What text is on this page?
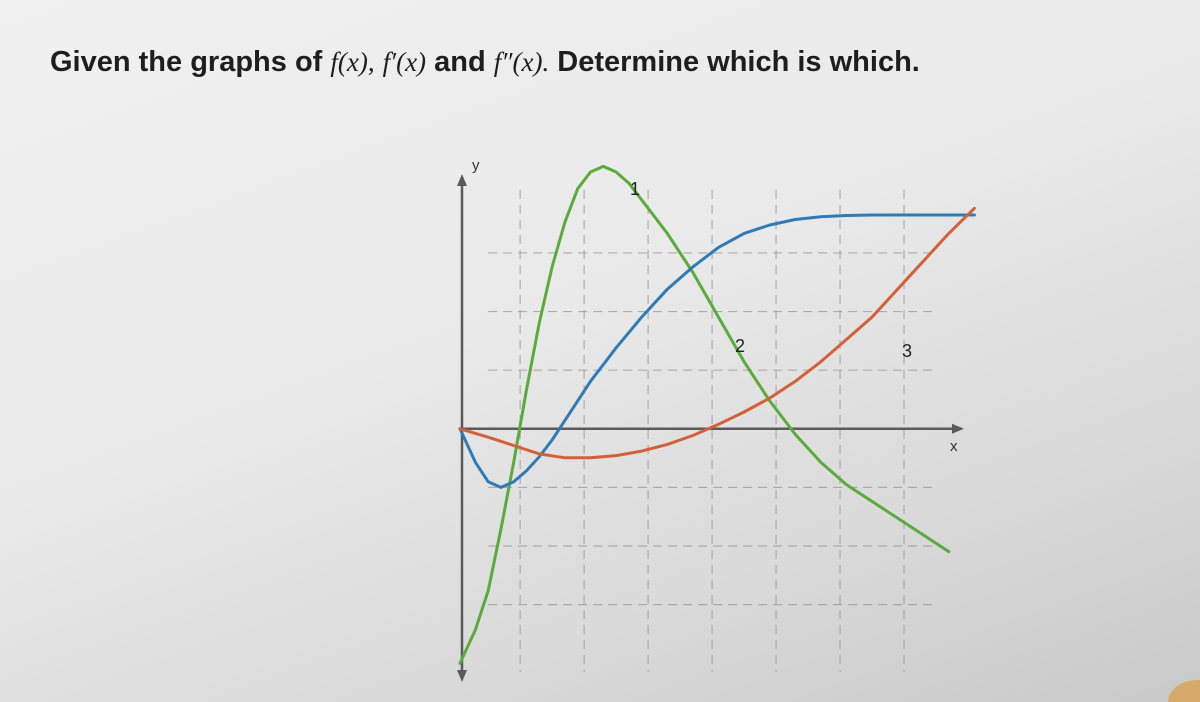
Given the graphs of f(x), f′(x) and f″(x). Determine which is which.

y
x
1
2	3
